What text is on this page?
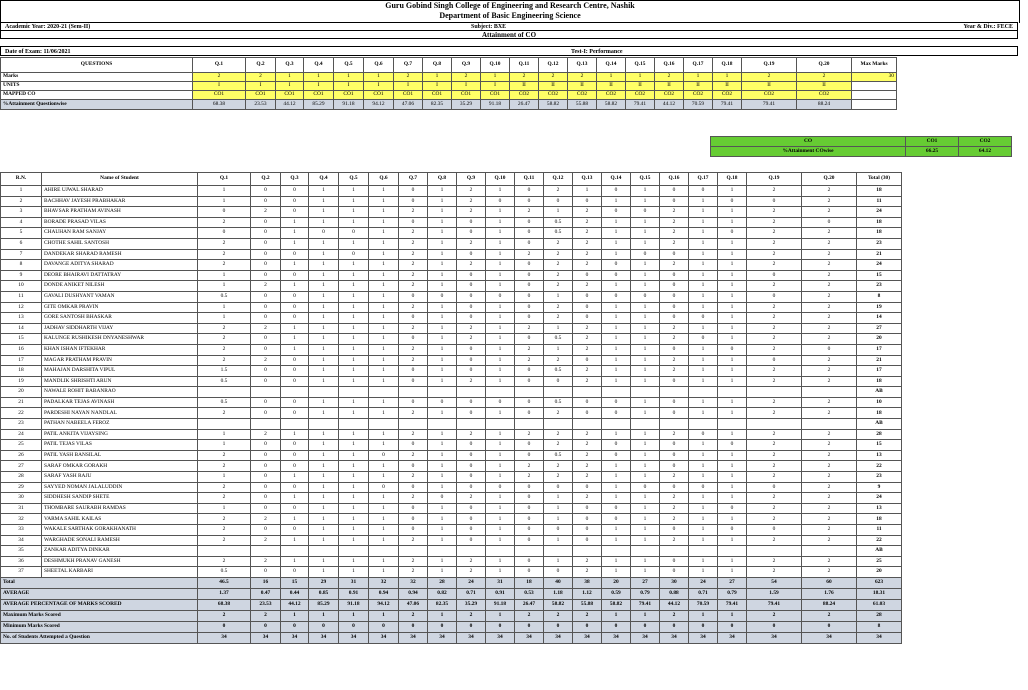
Guru Gobind Singh College of Engineering and Research Centre, Nashik
Department of Basic Engineering Science
Academic Year: 2020-21 (Sem-II)	Subject: BXE	Year & Div.: FECE
Attainment of CO
Date of Exam: 11/06/2021	Test-I: Performance
QUESTIONS	Q.1	Q.2	Q.3	Q.4	Q.5	Q.6	Q.7	Q.8	Q.9	Q.10	Q.11	Q.12	Q.13	Q.14	Q.15	Q.16	Q.17	Q.18	Q.19	Q.20	Max Marks
Marks	2	2	1	1	1	1	2	1	2	1	2	2	2	1	1	2	1	1	2	2	30
UNITS	I	I	I	I	I	I	I	I	I	I	II	II	II	II	II	II	II	II	II	II	
MAPPED CO	CO1	CO1	CO1	CO1	CO1	CO1	CO1	CO1	CO1	CO1	CO2	CO2	CO2	CO2	CO2	CO2	CO2	CO2	CO2	CO2	
%Attainment Questionwise	68.38	23.53	44.12	85.29	91.18	94.12	47.06	82.35	35.29	91.18	26.47	58.82	55.88	58.82	79.41	44.12	70.59	79.41	79.41	88.24	
CO	CO1	CO2
%Attainment COwise	66.25	64.12
R.N.	Name of Student	Q.1	Q.2	Q.3	Q.4	Q.5	Q.6	Q.7	Q.8	Q.9	Q.10	Q.11	Q.12	Q.13	Q.14	Q.15	Q.16	Q.17	Q.18	Q.19	Q.20	Total (30)
1	AHIRE UJWAL SHARAD	1	0	0	1	1	1	0	1	2	1	0	2	1	0	1	0	0	1	2	2	18
2	BACHHAV JAYESH PRABHAKAR	1	0	0	1	1	1	0	1	2	0	0	0	0	1	1	0	1	0	0	2	11
3	BHAVSAR PRATHAM AVINASH	0	2	0	1	1	1	2	1	2	1	2	1	2	0	0	2	1	1	2	2	24
4	BORADE PRASAD VILAS	2	0	1	1	1	1	0	1	0	1	0	0.5	2	1	1	2	1	1	2	0	18
5	CHAUHAN RAM SANJAY	0	0	1	0	0	1	2	1	0	1	0	0.5	2	1	1	2	1	0	2	2	18
6	CHOTHE SAHIL SANTOSH	2	0	1	1	1	1	2	1	2	1	0	2	2	1	1	2	1	1	2	2	23
7	DANDEKAR SHARAD RAMESH	2	0	0	1	0	1	2	1	0	1	2	2	2	1	0	0	1	1	2	2	21
8	DAVANGE ADITYA SHARAD	2	0	1	1	1	1	2	1	2	1	0	2	2	0	1	2	1	1	2	2	24
9	DEORE BHAIRAVI DATTATRAY	1	0	0	1	1	1	2	1	0	1	0	2	0	0	1	0	1	1	0	2	15
10	DONDE ANIKET NILESH	1	2	1	1	1	1	2	1	0	1	0	2	2	1	1	0	1	1	2	2	23
11	GAVALI DUSHYANT VAMAN	0.5	0	0	1	1	1	0	0	0	0	0	1	0	0	0	0	1	1	0	2	8
12	GITE OMKAR PRAVIN	1	0	0	1	1	1	2	1	0	1	0	2	0	1	1	0	1	1	2	2	19
13	GORE SANTOSH BHASKAR	1	0	0	1	1	1	0	1	0	1	0	2	0	1	1	0	0	1	2	2	14
14	JADHAV SIDDHARTH VIJAY	2	2	1	1	1	1	2	1	2	1	2	1	2	1	1	2	1	1	2	2	27
15	KALUNGE RUSHIKESH DNYANESHWAR	2	0	1	1	1	1	0	1	2	1	0	0.5	2	1	1	2	0	1	2	2	20
16	KHAN ISHAN IFTEKHAR	2	0	1	1	1	1	2	1	0	1	2	1	2	1	1	0	1	0	2	0	17
17	MAGAR PRATHAM PRAVIN	2	2	0	1	1	1	2	1	0	1	2	2	0	1	1	2	1	1	0	2	21
18	MAHAJAN DARSHITA VIPUL	1.5	0	0	1	1	1	0	1	0	1	0	0.5	2	1	1	2	1	1	2	2	17
19	MANDLIK SHRISHTI ARUN	0.5	0	0	1	1	1	0	1	2	1	0	0	2	1	1	0	1	1	2	2	18
20	NAWALE ROHIT BABANRAO																					AB
21	PADALKAR TEJAS AVINASH	0.5	0	0	1	1	1	0	0	0	0	0	0.5	0	0	1	0	1	1	2	2	10
22	PARDESHI NAYAN NANDLAL	2	0	0	1	1	1	2	1	0	1	0	2	0	0	1	0	1	1	2	2	18
23	PATHAN NABEELA FEROZ																					AB
24	PATIL ANKITA VIJAYSING	1	2	1	1	1	1	2	1	2	1	2	2	2	1	1	2	0	1	2	2	28
25	PATIL TEJAS VILAS	1	0	0	1	1	1	0	1	0	1	0	2	2	0	1	0	1	0	2	2	15
26	PATIL YASH BANSILAL	2	0	0	1	1	0	2	1	0	1	0	0.5	2	0	1	0	1	1	2	2	13
27	SARAF OMKAR GORAKH	2	0	0	1	1	1	0	1	0	1	2	2	2	1	1	0	1	1	2	2	22
28	SARAF YASH RAJU	1	0	1	1	1	1	2	1	0	1	2	2	2	1	1	2	1	1	2	2	23
29	SAYYED NOMAN JALALUDDIN	2	0	0	1	1	0	0	1	0	0	0	0	0	1	0	0	0	1	0	2	9
30	SIDDHESH SANDIP SHETE	2	0	1	1	1	1	2	0	2	1	0	1	2	1	1	2	1	1	2	2	24
31	THOMBARE SAURABH RAMDAS	1	0	0	1	1	1	0	1	0	1	0	1	0	0	1	2	1	0	2	2	13
32	VARMA SAHIL KAILAS	2	2	1	1	1	1	0	1	0	1	0	1	0	0	1	2	1	1	2	2	18
33	WAKALE SARTHAK GORAKHANATH	2	0	0	1	1	1	0	1	0	1	0	0	0	1	1	0	1	0	0	2	11
34	WARGHADE SONALI RAMESH	2	2	1	1	1	1	2	1	0	1	0	1	0	1	1	2	1	1	2	2	22
35	ZANKAR ADITYA DINKAR																					AB
36	DESHMUKH PRANAV GANESH	2	2	1	1	1	1	2	1	2	1	0	1	2	1	1	0	1	1	2	2	25
37	SHEETAL KARBARI	0.5	0	0	1	1	1	2	1	2	1	0	0	2	1	1	0	1	1	2	2	20
Total		46.5	16	15	29	31	32	32	28	24	31	18	40	38	20	27	30	24	27	54	60	623
AVERAGE		1.37	0.47	0.44	0.85	0.91	0.94	0.94	0.82	0.71	0.91	0.53	1.18	1.12	0.59	0.79	0.88	0.71	0.79	1.59	1.76	18.31
AVERAGE PERCENTAGE OF MARKS SCORED		68.38	23.53	44.12	85.29	91.18	94.12	47.06	82.35	35.29	91.18	26.47	58.82	55.88	58.82	79.41	44.12	70.59	79.41	79.41	88.24	61.03
Maximum Marks Scored		2	2	1	1	1	1	2	1	2	1	2	2	2	1	1	2	1	1	2	2	28
Minimum Marks Scored		0	0	0	0	0	0	0	0	0	0	0	0	0	0	0	0	0	0	0	0	8
No. of Students Attempted a Question		34	34	34	34	34	34	34	34	34	34	34	34	34	34	34	34	34	34	34	34	34
